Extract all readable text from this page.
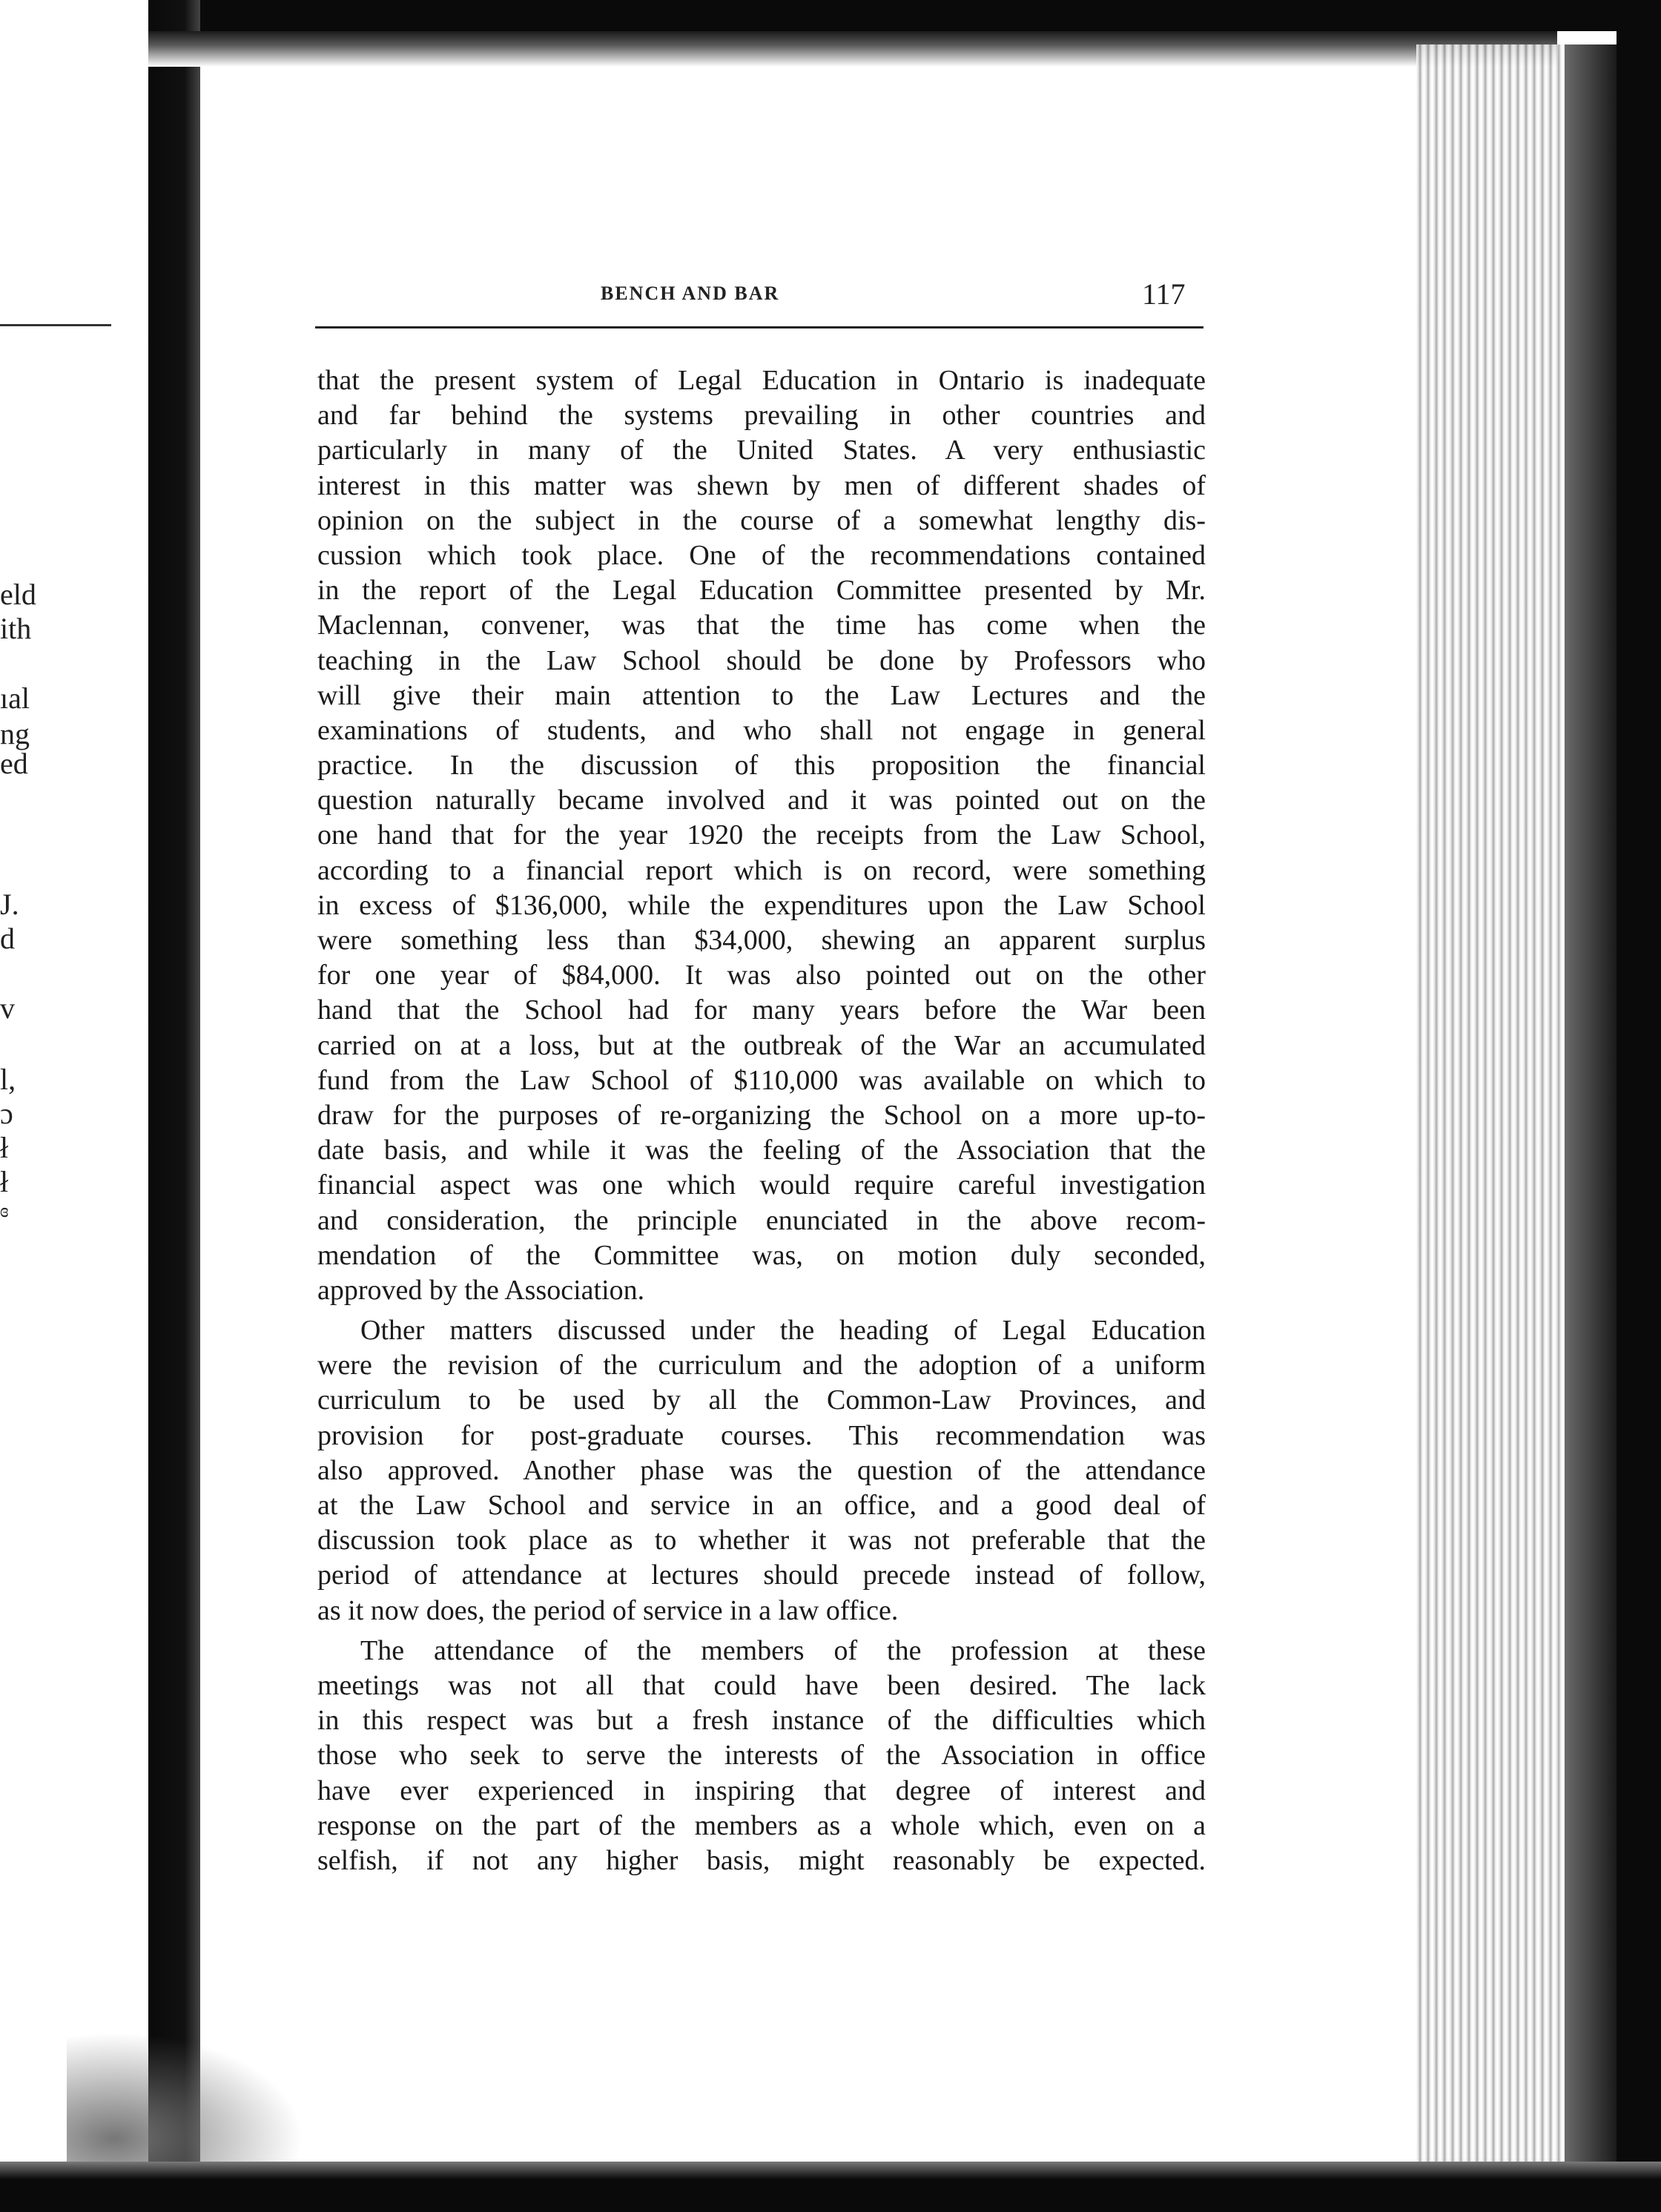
eld
ith
ıal
ng
ed
J.
d
v
l,
ɔ
ł
ł
ɞ
BENCH AND BAR	117
that the present system of Legal Education in Ontario is inadequate
and far behind the systems prevailing in other countries and
particularly in many of the United States. A very enthusiastic
interest in this matter was shewn by men of different shades of
opinion on the subject in the course of a somewhat lengthy dis-
cussion which took place. One of the recommendations contained
in the report of the Legal Education Committee presented by Mr.
Maclennan, convener, was that the time has come when the
teaching in the Law School should be done by Professors who
will give their main attention to the Law Lectures and the
examinations of students, and who shall not engage in general
practice. In the discussion of this proposition the financial
question naturally became involved and it was pointed out on the
one hand that for the year 1920 the receipts from the Law School,
according to a financial report which is on record, were something
in excess of $136,000, while the expenditures upon the Law School
were something less than $34,000, shewing an apparent surplus
for one year of $84,000. It was also pointed out on the other
hand that the School had for many years before the War been
carried on at a loss, but at the outbreak of the War an accumulated
fund from the Law School of $110,000 was available on which to
draw for the purposes of re-organizing the School on a more up-to-
date basis, and while it was the feeling of the Association that the
financial aspect was one which would require careful investigation
and consideration, the principle enunciated in the above recom-
mendation of the Committee was, on motion duly seconded,
approved by the Association.
Other matters discussed under the heading of Legal Education
were the revision of the curriculum and the adoption of a uniform
curriculum to be used by all the Common-Law Provinces, and
provision for post-graduate courses. This recommendation was
also approved. Another phase was the question of the attendance
at the Law School and service in an office, and a good deal of
discussion took place as to whether it was not preferable that the
period of attendance at lectures should precede instead of follow,
as it now does, the period of service in a law office.
The attendance of the members of the profession at these
meetings was not all that could have been desired. The lack
in this respect was but a fresh instance of the difficulties which
those who seek to serve the interests of the Association in office
have ever experienced in inspiring that degree of interest and
response on the part of the members as a whole which, even on a
selfish, if not any higher basis, might reasonably be expected.
